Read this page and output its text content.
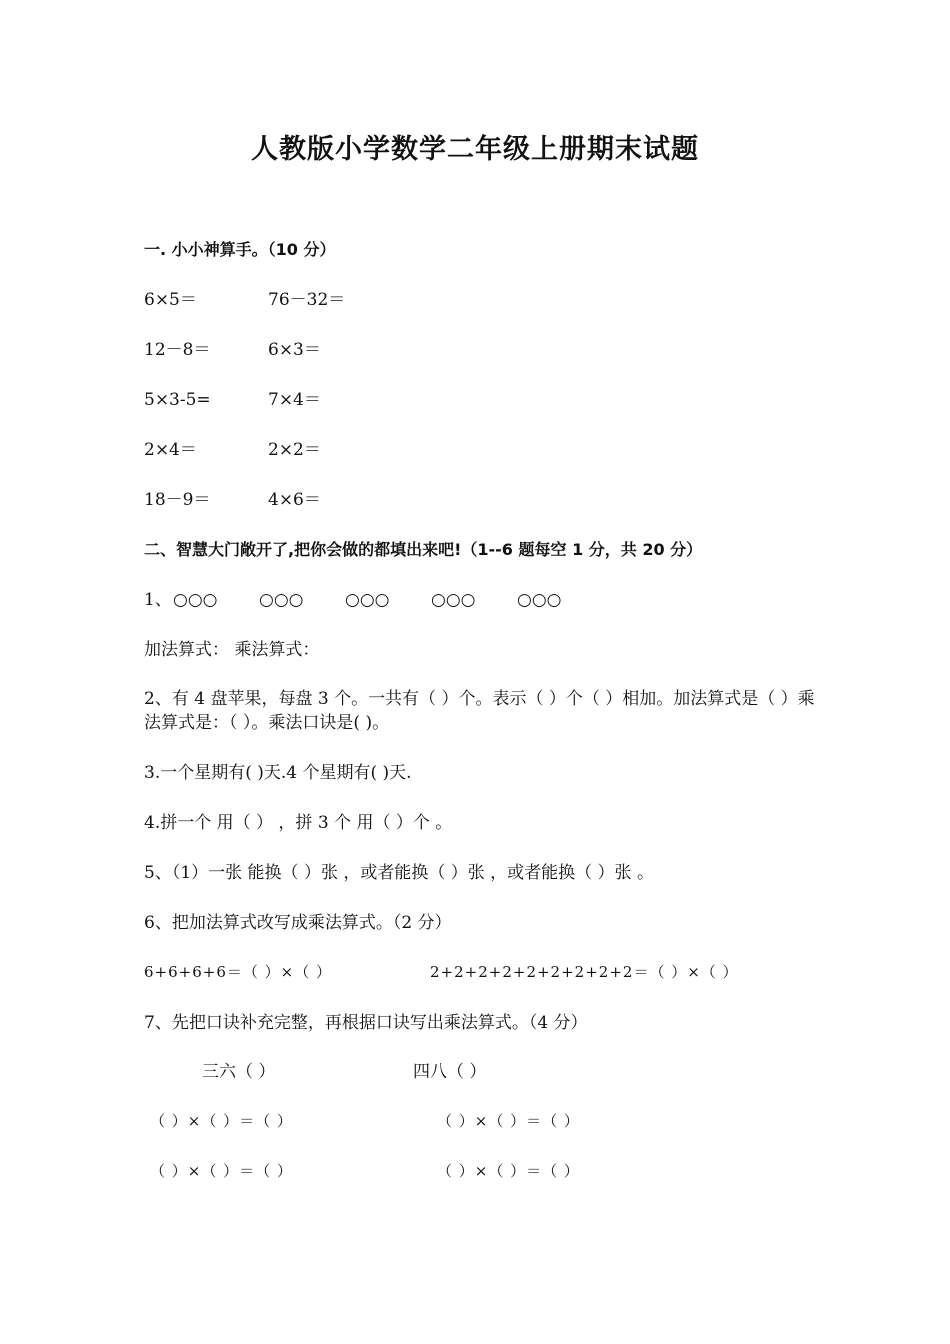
人教版小学数学二年级上册期末试题
一. 小小神算手。（10 分）
6×5＝	76－32＝
12－8＝	6×3＝
5×3-5=	7×4＝
2×4＝	2×2＝
18－9＝	4×6＝
二、智慧大门敞开了,把你会做的都填出来吧!（1--6 题每空 1 分，共 20 分）
1、 ○○○ ○○○ ○○○ ○○○ ○○○
加法算式： 乘法算式：
2、有 4 盘苹果，每盘 3 个。一共有（ ）个。表示（ ）个（ ）相加。加法算式是（ ）乘
法算式是：（ ）。乘法口诀是( )。
3.一个星期有( )天.4 个星期有( )天.
4.拼一个 用（ ） ，拼 3 个 用（ ）个 。
5、（1）一张 能换（ ）张 ，或者能换（ ）张 ，或者能换（ ）张 。
6、把加法算式改写成乘法算式。（2 分）
6+6+6+6＝（ ）×（ ）	2+2+2+2+2+2+2+2+2＝（ ）×（ ）
7、先把口诀补充完整，再根据口诀写出乘法算式。（4 分）
三六（ ）	四八（ ）
（ ）×（ ）＝（ ）	（ ）×（ ）＝（ ）
（ ）×（ ）＝（ ）	（ ）×（ ）＝（ ）
